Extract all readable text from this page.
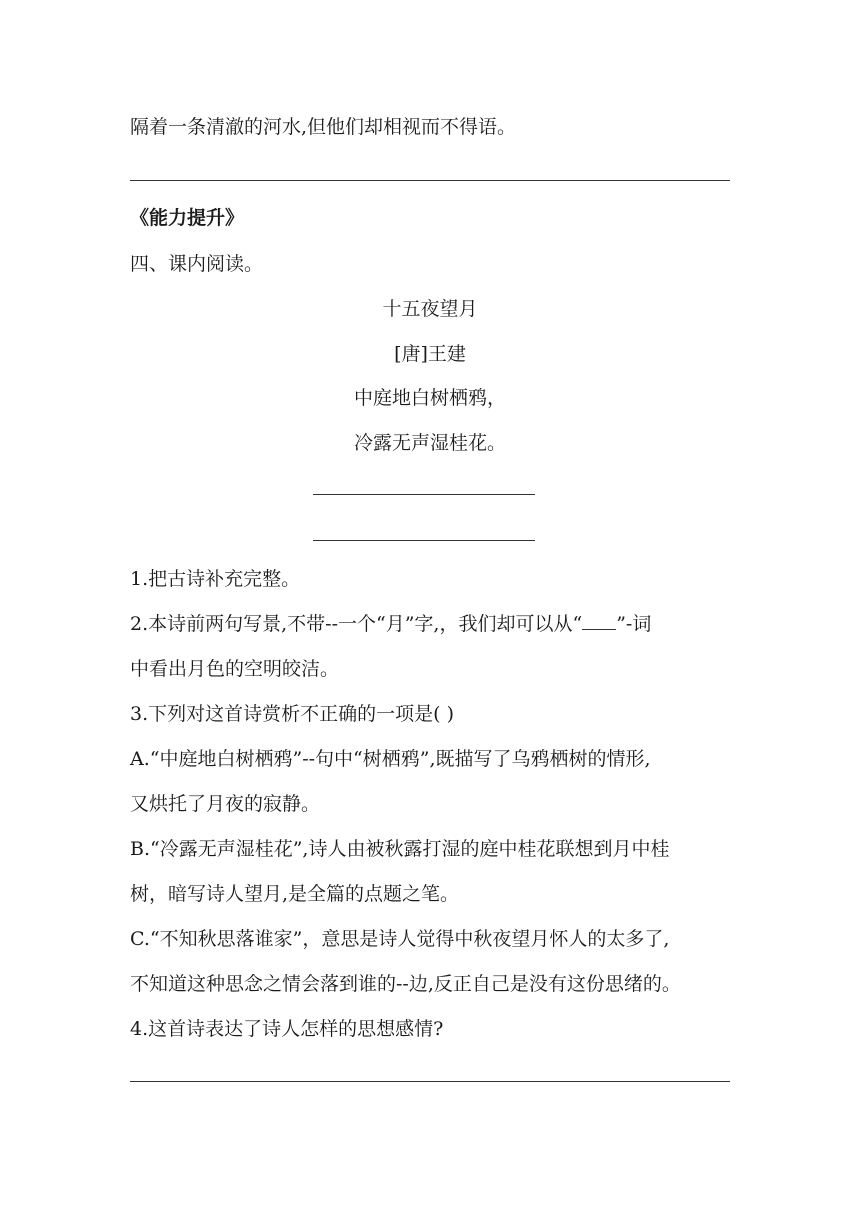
隔着一条清澈的河水,但他们却相视而不得语。
《能力提升》
四、课内阅读。
十五夜望月
[唐]王建
中庭地白树栖鸦，
冷露无声湿桂花。
1.把古诗补充完整。
2.本诗前两句写景,不带--一个“月”字,，我们却可以从“ ”-词
中看出月色的空明皎洁。
3.下列对这首诗赏析不正确的一项是( )
A.“中庭地白树栖鸦”--句中“树栖鸦”,既描写了乌鸦栖树的情形,
又烘托了月夜的寂静。
B.“冷露无声湿桂花”,诗人由被秋露打湿的庭中桂花联想到月中桂
树，暗写诗人望月,是全篇的点题之笔。
C.“不知秋思落谁家”，意思是诗人觉得中秋夜望月怀人的太多了,
不知道这种思念之情会落到谁的--边,反正自己是没有这份思绪的。
4.这首诗表达了诗人怎样的思想感情?
